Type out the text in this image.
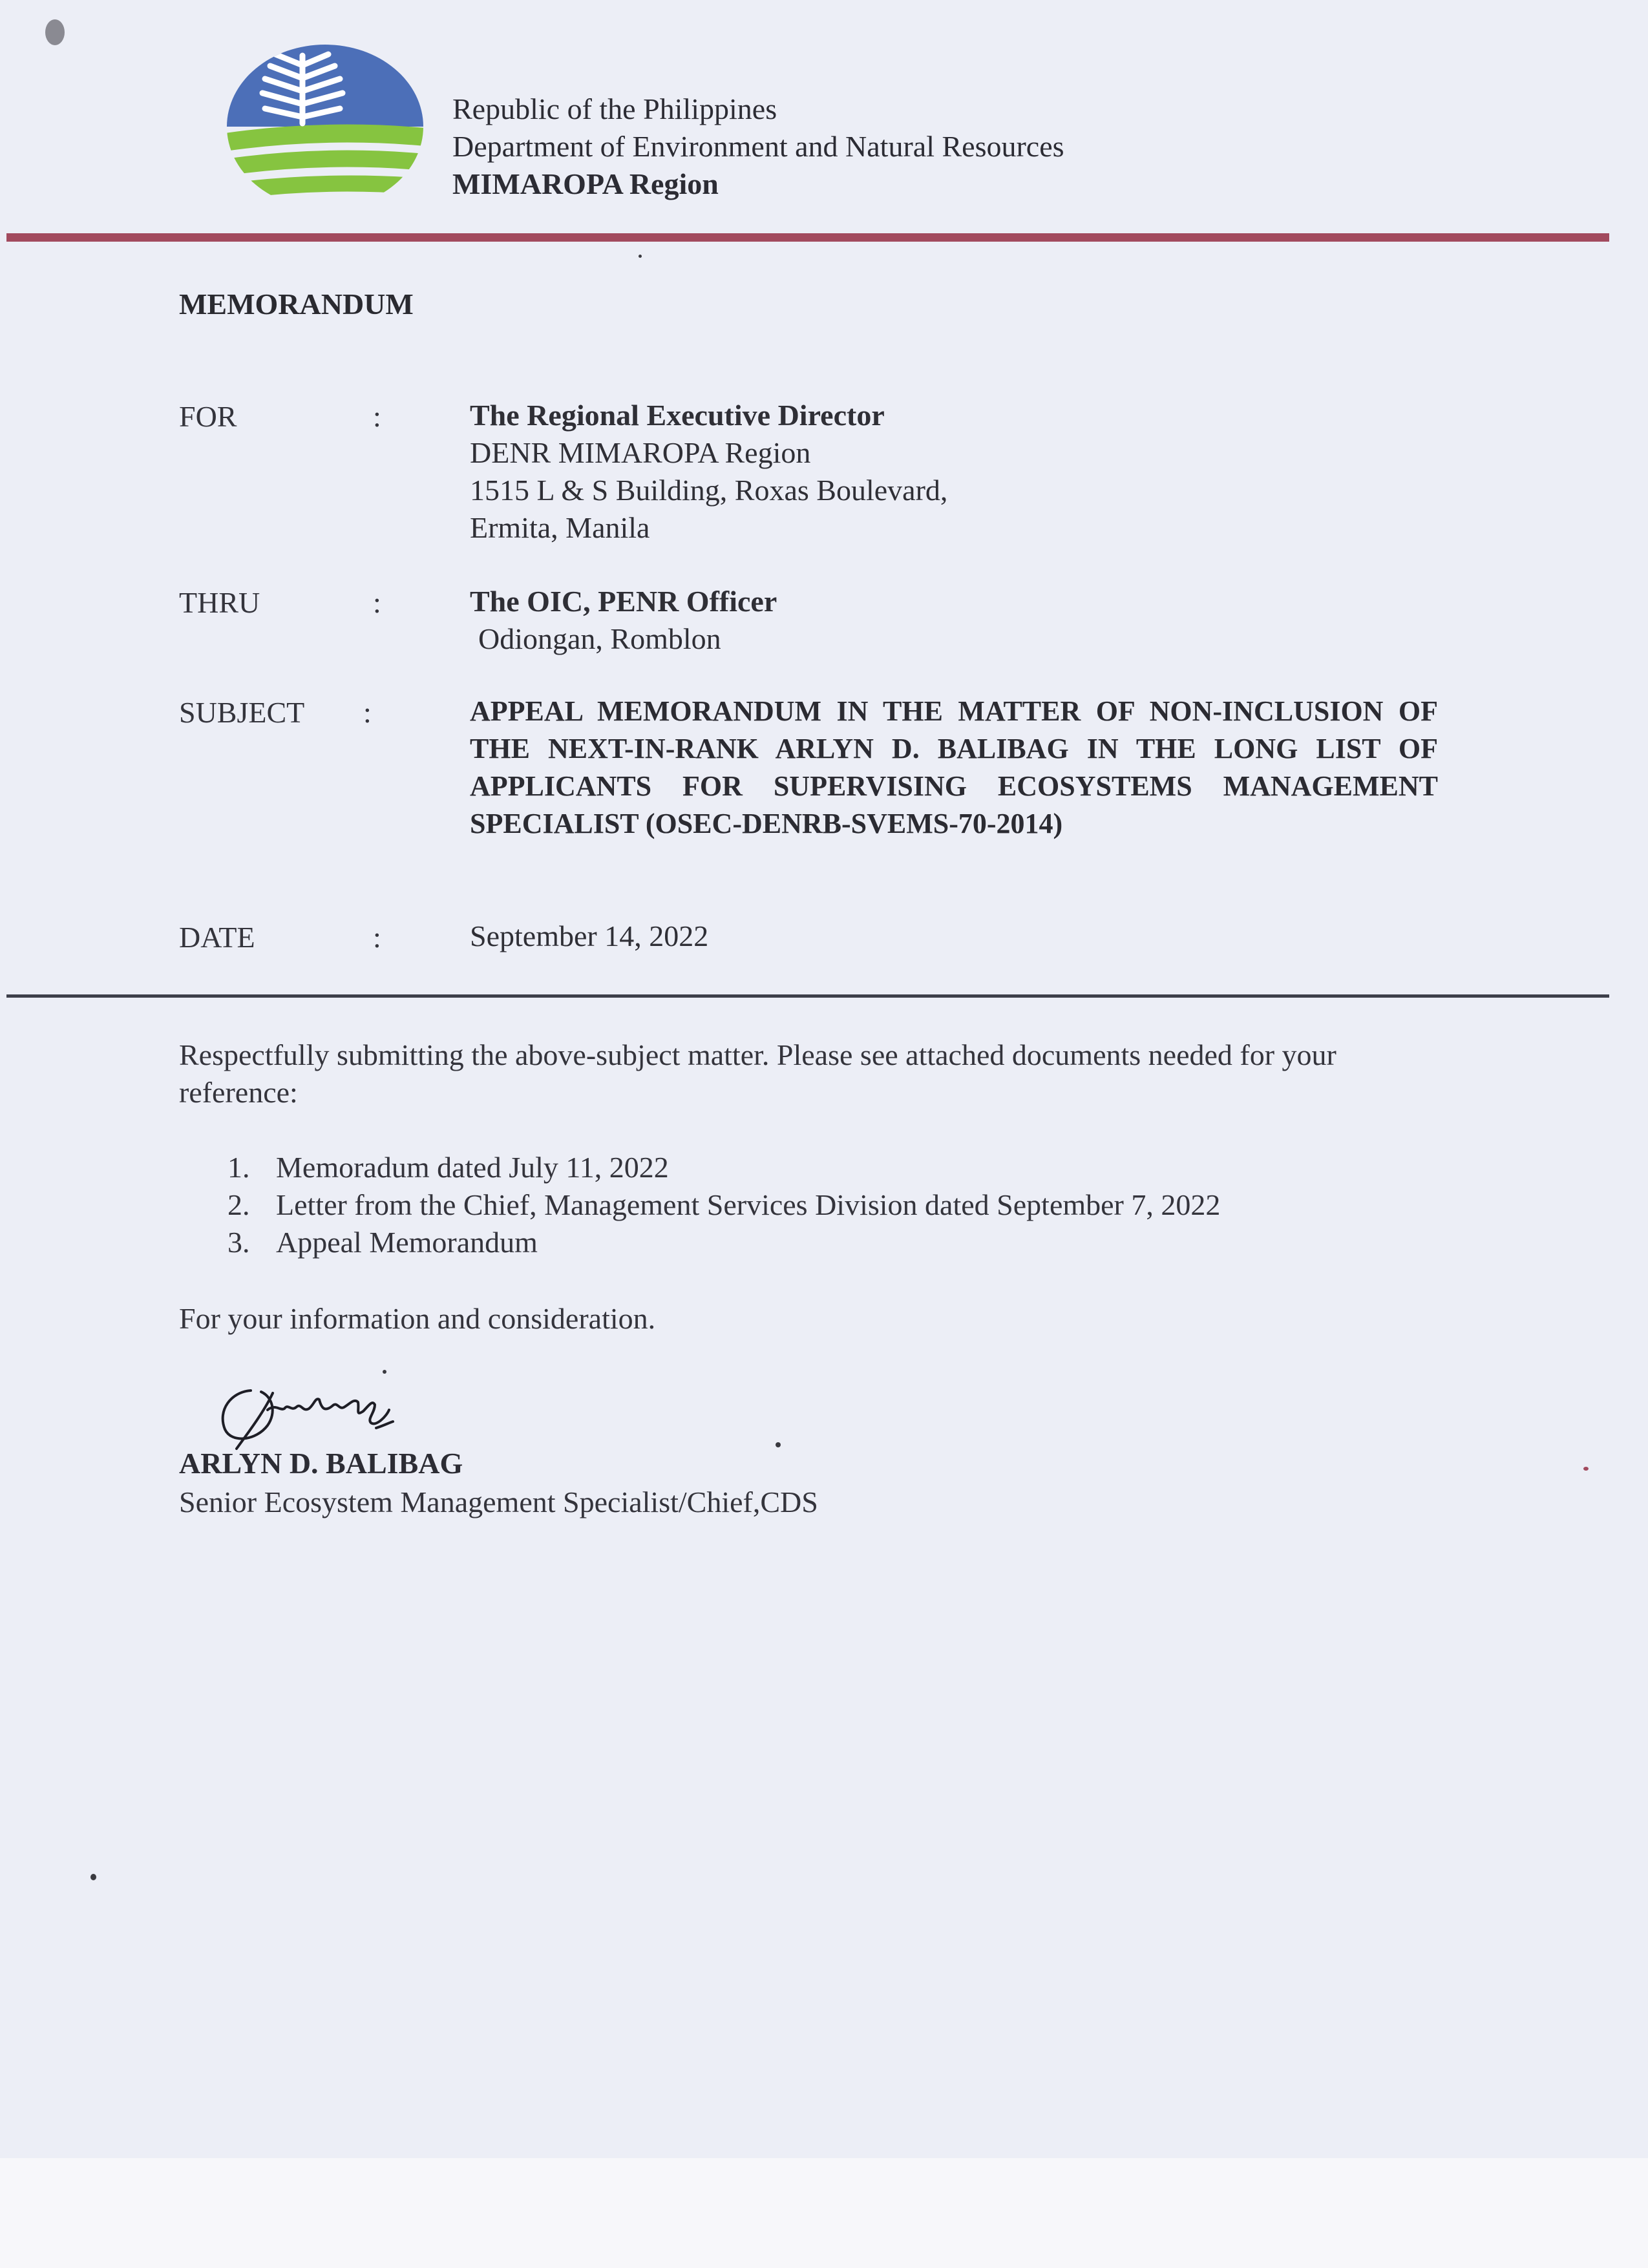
Republic of the Philippines
Department of Environment and Natural Resources
MIMAROPA Region
MEMORANDUM
FOR	:	The Regional Executive Director
DENR MIMAROPA Region
1515 L & S Building, Roxas Boulevard,
Ermita, Manila
THRU	:	The OIC, PENR Officer
Odiongan, Romblon
SUBJECT :	APPEAL MEMORANDUM IN THE MATTER OF NON-INCLUSION OF THE NEXT-IN-RANK ARLYN D. BALIBAG IN THE LONG LIST OF APPLICANTS FOR SUPERVISING ECOSYSTEMS MANAGEMENT SPECIALIST (OSEC-DENRB-SVEMS-70-2014)
DATE	:	September 14, 2022
Respectfully submitting the above-subject matter. Please see attached documents needed for your reference:
1. Memoradum dated July 11, 2022
2. Letter from the Chief, Management Services Division dated September 7, 2022
3. Appeal Memorandum
For your information and consideration.
ARLYN D. BALIBAG
Senior Ecosystem Management Specialist/Chief,CDS
